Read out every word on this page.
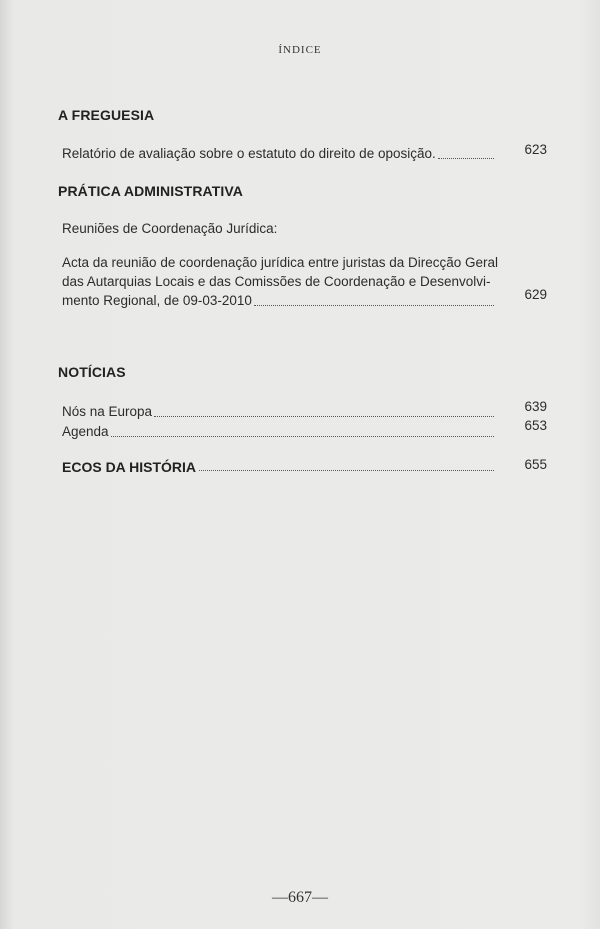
ÍNDICE
A FREGUESIA
Relatório de avaliação sobre o estatuto do direito de oposição.	623
PRÁTICA ADMINISTRATIVA
Reuniões de Coordenação Jurídica:
Acta da reunião de coordenação jurídica entre juristas da Direcção Geral
das Autarquias Locais e das Comissões de Coordenação e Desenvolvi-
mento Regional, de 09-03-2010	629
NOTÍCIAS
Nós na Europa	639
Agenda	653
ECOS DA HISTÓRIA	655
—667—
